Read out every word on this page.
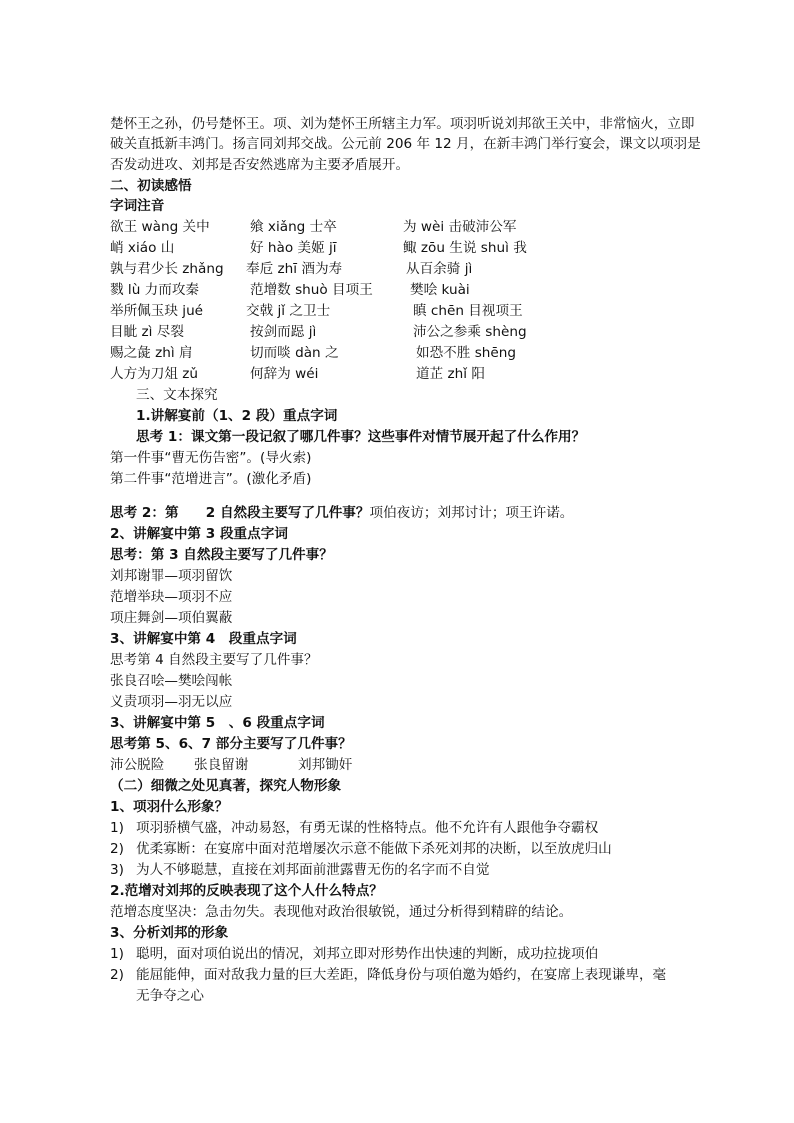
楚怀王之孙，仍号楚怀王。项、刘为楚怀王所辖主力军。项羽听说刘邦欲王关中，非常恼火，立即
破关直抵新丰鸿门。扬言同刘邦交战。公元前 206 年 12 月，在新丰鸿门举行宴会，课文以项羽是
否发动进攻、刘邦是否安然逃席为主要矛盾展开。
二、初读感悟
字词注音
欲王 wàng 关中	飨 xiǎng 士卒	为 wèi 击破沛公军
峭 xiáo 山	好 hào 美姬 jī	鲰 zōu 生说 shuì 我
孰与君少长 zhǎng 奉卮 zhī 酒为寿	从百余骑 jì
戮 lù 力而攻秦	范增数 shuò 目项王	樊哙 kuài
举所佩玉玦 jué	交戟 jǐ 之卫士	瞋 chēn 目视项王
目眦 zì 尽裂	按剑而跽 jì	沛公之参乘 shèng
赐之彘 zhì 肩	切而啖 dàn 之	如恐不胜 shēng
人方为刀俎 zǔ	何辞为 wéi	道芷 zhǐ 阳
三、文本探究
1.讲解宴前（1、2 段）重点字词
思考 1：课文第一段记叙了哪几件事？这些事件对情节展开起了什么作用？
第一件事“曹无伤告密”。(导火索)
第二件事“范增进言”。(激化矛盾)
思考 2：第　　2 自然段主要写了几件事？项伯夜访；刘邦讨计；项王许诺。
2、讲解宴中第 3 段重点字词
思考：第 3 自然段主要写了几件事？
刘邦谢罪—项羽留饮
范增举玦—项羽不应
项庄舞剑—项伯翼蔽
3、讲解宴中第 4　段重点字词
思考第 4 自然段主要写了几件事？
张良召哙—樊哙闯帐
义责项羽—羽无以应
3、讲解宴中第 5　、6 段重点字词
思考第 5、6、7 部分主要写了几件事？
沛公脱险 张良留谢	刘邦锄奸
（二）细微之处见真著，探究人物形象
1、项羽什么形象？
1) 项羽骄横气盛，冲动易怒，有勇无谋的性格特点。他不允许有人跟他争夺霸权
2) 优柔寡断：在宴席中面对范增屡次示意不能做下杀死刘邦的决断，以至放虎归山
3) 为人不够聪慧，直接在刘邦面前泄露曹无伤的名字而不自觉
2.范增对刘邦的反映表现了这个人什么特点？
范增态度坚决：急击勿失。表现他对政治很敏锐，通过分析得到精辟的结论。
3、分析刘邦的形象
1) 聪明，面对项伯说出的情况，刘邦立即对形势作出快速的判断，成功拉拢项伯
2) 能屈能伸，面对敌我力量的巨大差距，降低身份与项伯邀为婚约，在宴席上表现谦卑，毫
无争夺之心
